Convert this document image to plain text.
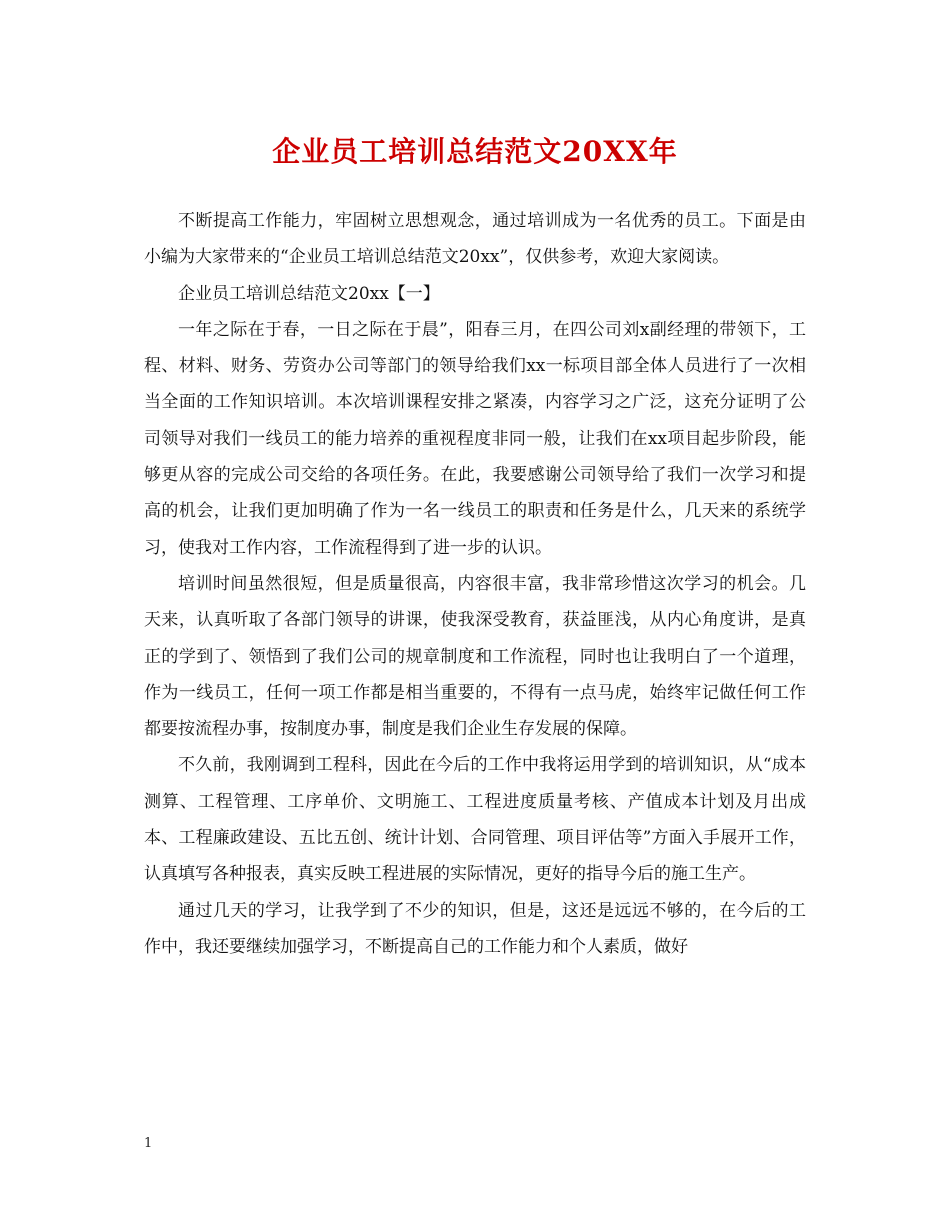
企业员工培训总结范文20XX年

不断提高工作能力，牢固树立思想观念，通过培训成为一名优秀的员工。下面是由小编为大家带来的“企业员工培训总结范文20xx”，仅供参考，欢迎大家阅读。

企业员工培训总结范文20xx【一】

一年之际在于春，一日之际在于晨”，阳春三月，在四公司刘x副经理的带领下，工程、材料、财务、劳资办公司等部门的领导给我们xx一标项目部全体人员进行了一次相当全面的工作知识培训。本次培训课程安排之紧凑，内容学习之广泛，这充分证明了公司领导对我们一线员工的能力培养的重视程度非同一般，让我们在xx项目起步阶段，能够更从容的完成公司交给的各项任务。在此，我要感谢公司领导给了我们一次学习和提高的机会，让我们更加明确了作为一名一线员工的职责和任务是什么，几天来的系统学习，使我对工作内容，工作流程得到了进一步的认识。

培训时间虽然很短，但是质量很高，内容很丰富，我非常珍惜这次学习的机会。几天来，认真听取了各部门领导的讲课，使我深受教育，获益匪浅，从内心角度讲，是真正的学到了、领悟到了我们公司的规章制度和工作流程，同时也让我明白了一个道理，作为一线员工，任何一项工作都是相当重要的，不得有一点马虎，始终牢记做任何工作都要按流程办事，按制度办事，制度是我们企业生存发展的保障。

不久前，我刚调到工程科，因此在今后的工作中我将运用学到的培训知识，从“成本测算、工程管理、工序单价、文明施工、工程进度质量考核、产值成本计划及月出成本、工程廉政建设、五比五创、统计计划、合同管理、项目评估等”方面入手展开工作，认真填写各种报表，真实反映工程进展的实际情况，更好的指导今后的施工生产。

通过几天的学习，让我学到了不少的知识，但是，这还是远远不够的，在今后的工作中，我还要继续加强学习，不断提高自己的工作能力和个人素质，做好

1
